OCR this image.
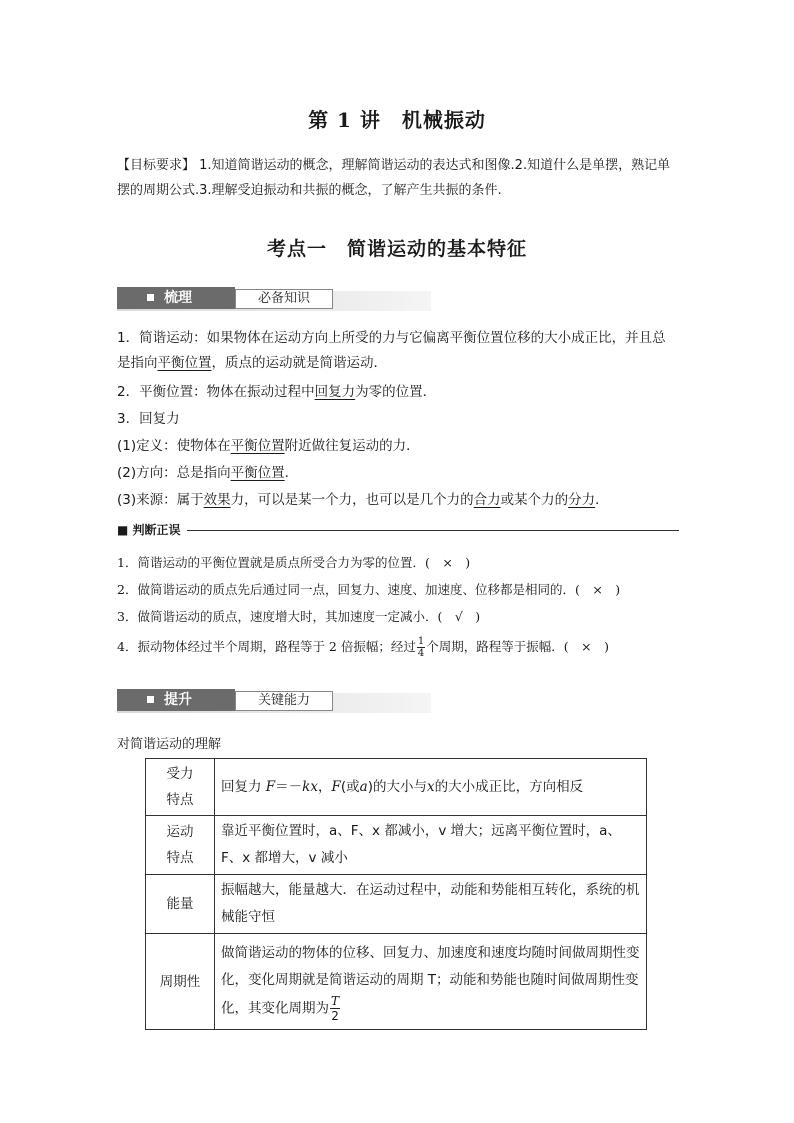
第 1 讲　机械振动
【目标要求】 1.知道简谐运动的概念，理解简谐运动的表达式和图像.2.知道什么是单摆，熟记单摆的周期公式.3.理解受迫振动和共振的概念，了解产生共振的条件.
考点一　简谐运动的基本特征
梳理	必备知识
1．简谐运动：如果物体在运动方向上所受的力与它偏离平衡位置位移的大小成正比，并且总是指向平衡位置，质点的运动就是简谐运动．
2．平衡位置：物体在振动过程中回复力为零的位置．
3．回复力
(1)定义：使物体在平衡位置附近做往复运动的力．
(2)方向：总是指向平衡位置．
(3)来源：属于效果力，可以是某一个力，也可以是几个力的合力或某个力的分力．
■ 判断正误
1．简谐运动的平衡位置就是质点所受合力为零的位置．(　×　)
2．做简谐运动的质点先后通过同一点，回复力、速度、加速度、位移都是相同的．(　×　)
3．做简谐运动的质点，速度增大时，其加速度一定减小．(　√　)
4．振动物体经过半个周期，路程等于 2 倍振幅；经过 $\frac{1}{4}$ 个周期，路程等于振幅．(　×　)
提升	关键能力
对简谐运动的理解
受力
特点	回复力 F＝－kx，F(或a)的大小与x的大小成正比，方向相反
运动
特点	靠近平衡位置时，a、F、x 都减小，v 增大；远离平衡位置时，a、F、x 都增大，v 减小
能量	振幅越大，能量越大．在运动过程中，动能和势能相互转化，系统的机械能守恒
周期性	做简谐运动的物体的位移、回复力、加速度和速度均随时间做周期性变化，变化周期就是简谐运动的周期 T；动能和势能也随时间做周期性变化，其变化周期为 $\frac{T}{2}$
